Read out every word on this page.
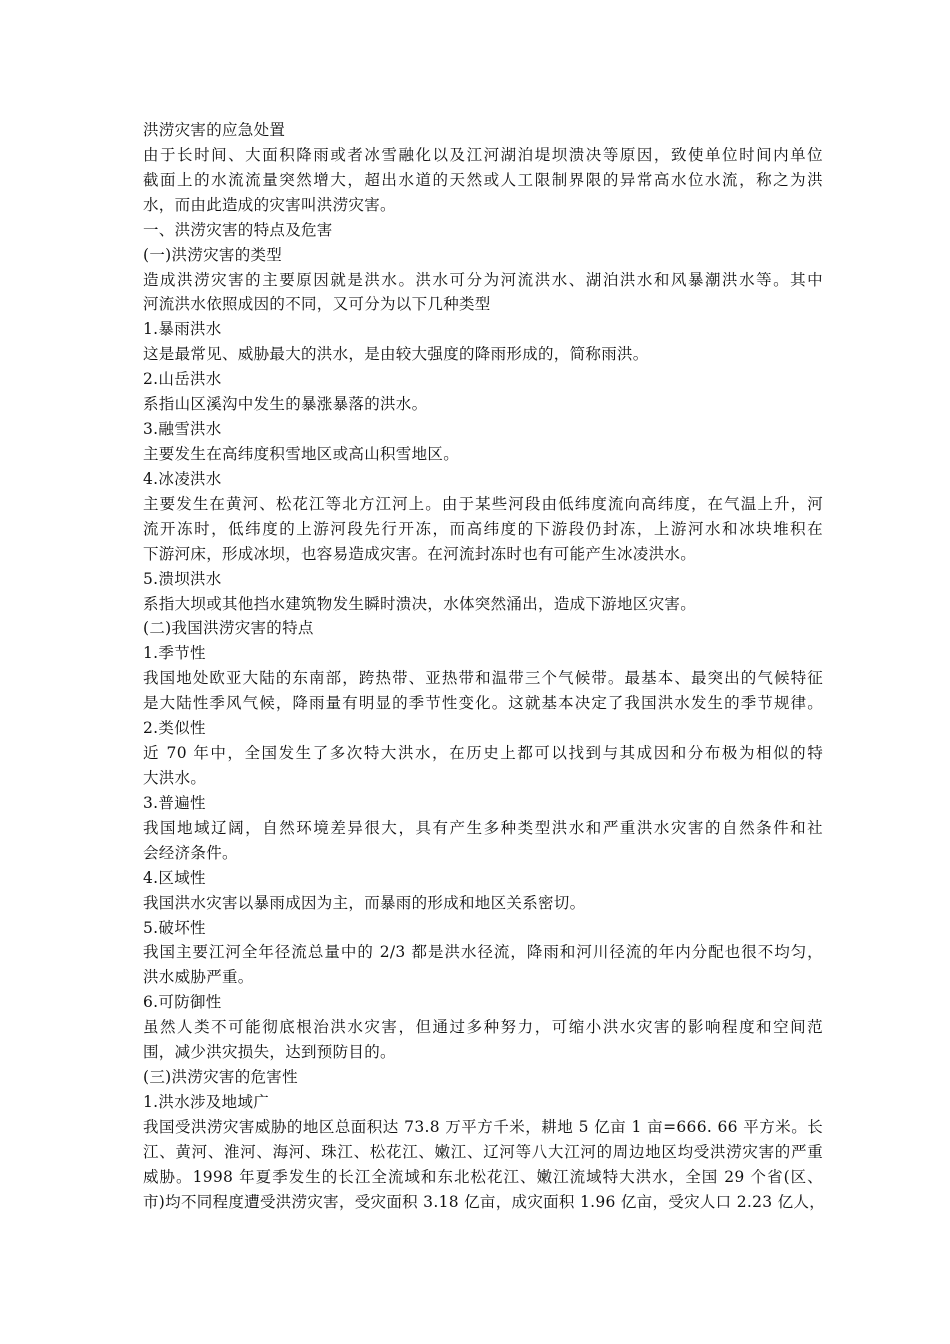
洪涝灾害的应急处置
由于长时间、大面积降雨或者冰雪融化以及江河湖泊堤坝溃决等原因，致使单位时间内单位
截面上的水流流量突然增大，超出水道的天然或人工限制界限的异常高水位水流，称之为洪
水，而由此造成的灾害叫洪涝灾害。
一、洪涝灾害的特点及危害
(一)洪涝灾害的类型
造成洪涝灾害的主要原因就是洪水。洪水可分为河流洪水、湖泊洪水和风暴潮洪水等。其中
河流洪水依照成因的不同，又可分为以下几种类型
1.暴雨洪水
这是最常见、威胁最大的洪水，是由较大强度的降雨形成的，简称雨洪。
2.山岳洪水
系指山区溪沟中发生的暴涨暴落的洪水。
3.融雪洪水
主要发生在高纬度积雪地区或高山积雪地区。
4.冰凌洪水
主要发生在黄河、松花江等北方江河上。由于某些河段由低纬度流向高纬度，在气温上升，河
流开冻时，低纬度的上游河段先行开冻，而高纬度的下游段仍封冻，上游河水和冰块堆积在
下游河床，形成冰坝，也容易造成灾害。在河流封冻时也有可能产生冰凌洪水。
5.溃坝洪水
系指大坝或其他挡水建筑物发生瞬时溃决，水体突然涌出，造成下游地区灾害。
(二)我国洪涝灾害的特点
1.季节性
我国地处欧亚大陆的东南部，跨热带、亚热带和温带三个气候带。最基本、最突出的气候特征
是大陆性季风气候，降雨量有明显的季节性变化。这就基本决定了我国洪水发生的季节规律。
2.类似性
近 70 年中，全国发生了多次特大洪水，在历史上都可以找到与其成因和分布极为相似的特
大洪水。
3.普遍性
我国地域辽阔，自然环境差异很大，具有产生多种类型洪水和严重洪水灾害的自然条件和社
会经济条件。
4.区域性
我国洪水灾害以暴雨成因为主，而暴雨的形成和地区关系密切。
5.破坏性
我国主要江河全年径流总量中的 2/3 都是洪水径流，降雨和河川径流的年内分配也很不均匀，
洪水威胁严重。
6.可防御性
虽然人类不可能彻底根治洪水灾害，但通过多种努力，可缩小洪水灾害的影响程度和空间范
围，减少洪灾损失，达到预防目的。
(三)洪涝灾害的危害性
1.洪水涉及地域广
我国受洪涝灾害威胁的地区总面积达 73.8 万平方千米，耕地 5 亿亩 1 亩=666. 66 平方米。长
江、黄河、淮河、海河、珠江、松花江、嫩江、辽河等八大江河的周边地区均受洪涝灾害的严重
威胁。1998 年夏季发生的长江全流域和东北松花江、嫩江流域特大洪水，全国 29 个省(区、
市)均不同程度遭受洪涝灾害，受灾面积 3.18 亿亩，成灾面积 1.96 亿亩，受灾人口 2.23 亿人，
